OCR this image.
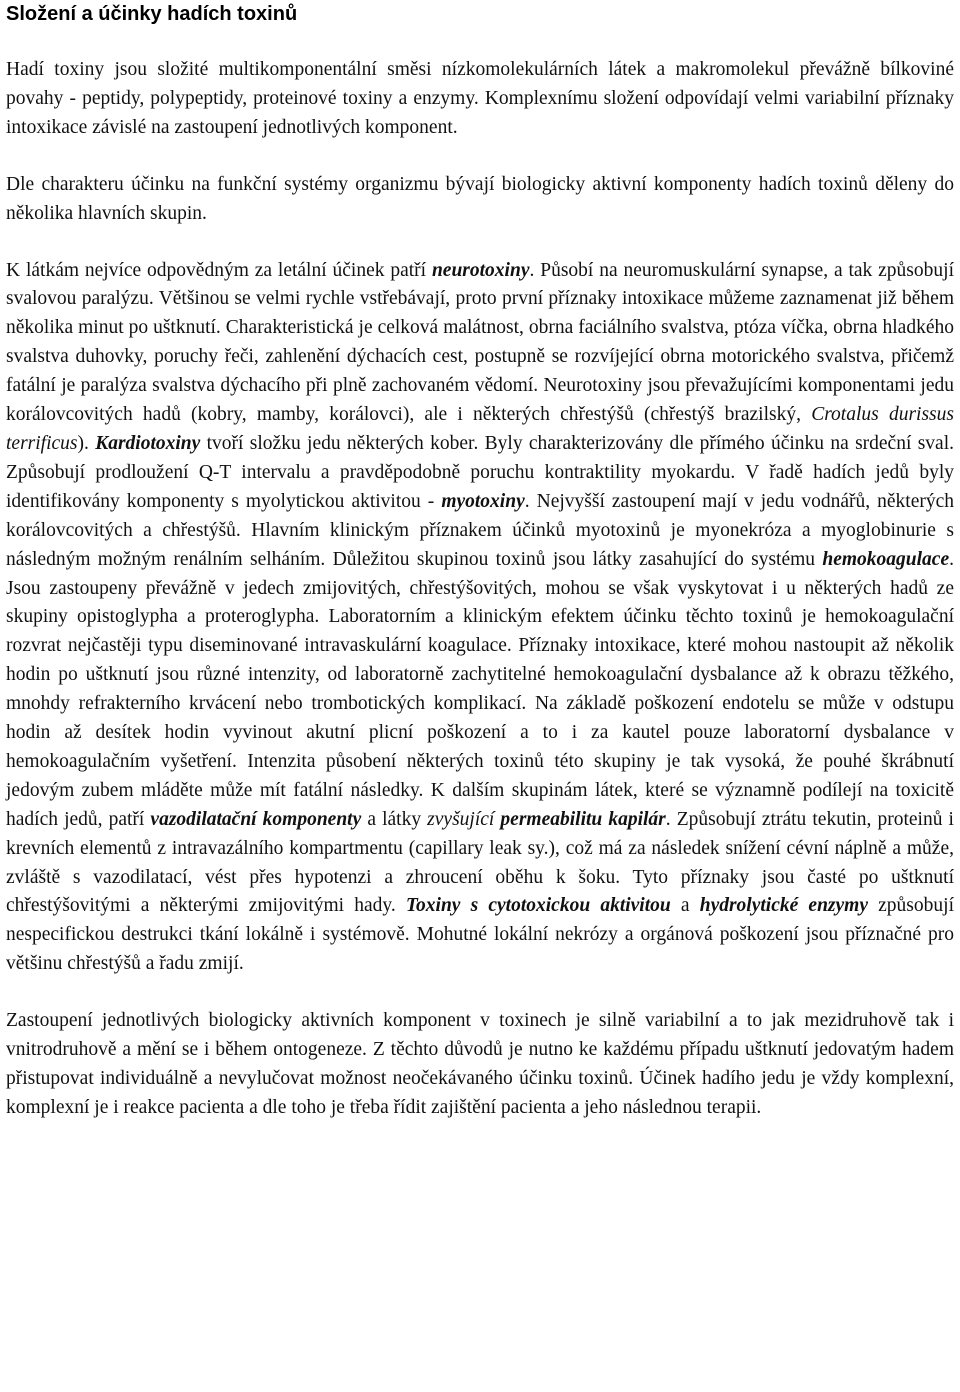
Složení a účinky hadích toxinů

Hadí toxiny jsou složité multikomponentální směsi nízkomolekulárních látek a makromolekul převážně bílkoviné povahy - peptidy, polypeptidy, proteinové toxiny a enzymy. Komplexnímu složení odpovídají velmi variabilní příznaky intoxikace závislé na zastoupení jednotlivých komponent.

Dle charakteru účinku na funkční systémy organizmu bývají biologicky aktivní komponenty hadích toxinů děleny do několika hlavních skupin.

K látkám nejvíce odpovědným za letální účinek patří neurotoxiny. Působí na neuromuskulární synapse, a tak způsobují svalovou paralýzu. Většinou se velmi rychle vstřebávají, proto první příznaky intoxikace můžeme zaznamenat již během několika minut po uštknutí. Charakteristická je celková malátnost, obrna faciálního svalstva, ptóza víčka, obrna hladkého svalstva duhovky, poruchy řeči, zahlenění dýchacích cest, postupně se rozvíjející obrna motorického svalstva, přičemž fatální je paralýza svalstva dýchacího při plně zachovaném vědomí. Neurotoxiny jsou převažujícími komponentami jedu korálovcovitých hadů (kobry, mamby, korálovci), ale i některých chřestýšů (chřestýš brazilský, Crotalus durissus terrificus). Kardiotoxiny tvoří složku jedu některých kober. Byly charakterizovány dle přímého účinku na srdeční sval. Způsobují prodloužení Q-T intervalu a pravděpodobně poruchu kontraktility myokardu. V řadě hadích jedů byly identifikovány komponenty s myolytickou aktivitou - myotoxiny. Nejvyšší zastoupení mají v jedu vodnářů, některých korálovcovitých a chřestýšů. Hlavním klinickým příznakem účinků myotoxinů je myonekróza a myoglobinurie s následným možným renálním selháním. Důležitou skupinou toxinů jsou látky zasahující do systému hemokoagulace. Jsou zastoupeny převážně v jedech zmijovitých, chřestýšovitých, mohou se však vyskytovat i u některých hadů ze skupiny opistoglypha a proteroglypha. Laboratorním a klinickým efektem účinku těchto toxinů je hemokoagulační rozvrat nejčastěji typu diseminované intravaskulární koagulace. Příznaky intoxikace, které mohou nastoupit až několik hodin po uštknutí jsou různé intenzity, od laboratorně zachytitelné hemokoagulační dysbalance až k obrazu těžkého, mnohdy refrakterního krvácení nebo trombotických komplikací. Na základě poškození endotelu se může v odstupu hodin až desítek hodin vyvinout akutní plicní poškození a to i za kautel pouze laboratorní dysbalance v hemokoagulačním vyšetření. Intenzita působení některých toxinů této skupiny je tak vysoká, že pouhé škrábnutí jedovým zubem mláděte může mít fatální následky. K dalším skupinám látek, které se významně podílejí na toxicitě hadích jedů, patří vazodilatační komponenty a látky zvyšující permeabilitu kapilár. Způsobují ztrátu tekutin, proteinů i krevních elementů z intravazálního kompartmentu (capillary leak sy.), což má za následek snížení cévní náplně a může, zvláště s vazodilatací, vést přes hypotenzi a zhroucení oběhu k šoku. Tyto příznaky jsou časté po uštknutí chřestýšovitými a některými zmijovitými hady. Toxiny s cytotoxickou aktivitou a hydrolytické enzymy způsobují nespecifickou destrukci tkání lokálně i systémově. Mohutné lokální nekrózy a orgánová poškození jsou příznačné pro většinu chřestýšů a řadu zmijí.

Zastoupení jednotlivých biologicky aktivních komponent v toxinech je silně variabilní a to jak mezidruhově tak i vnitrodruhově a mění se i během ontogeneze. Z těchto důvodů je nutno ke každému případu uštknutí jedovatým hadem přistupovat individuálně a nevylučovat možnost neočekávaného účinku toxinů. Účinek hadího jedu je vždy komplexní, komplexní je i reakce pacienta a dle toho je třeba řídit zajištění pacienta a jeho následnou terapii.
